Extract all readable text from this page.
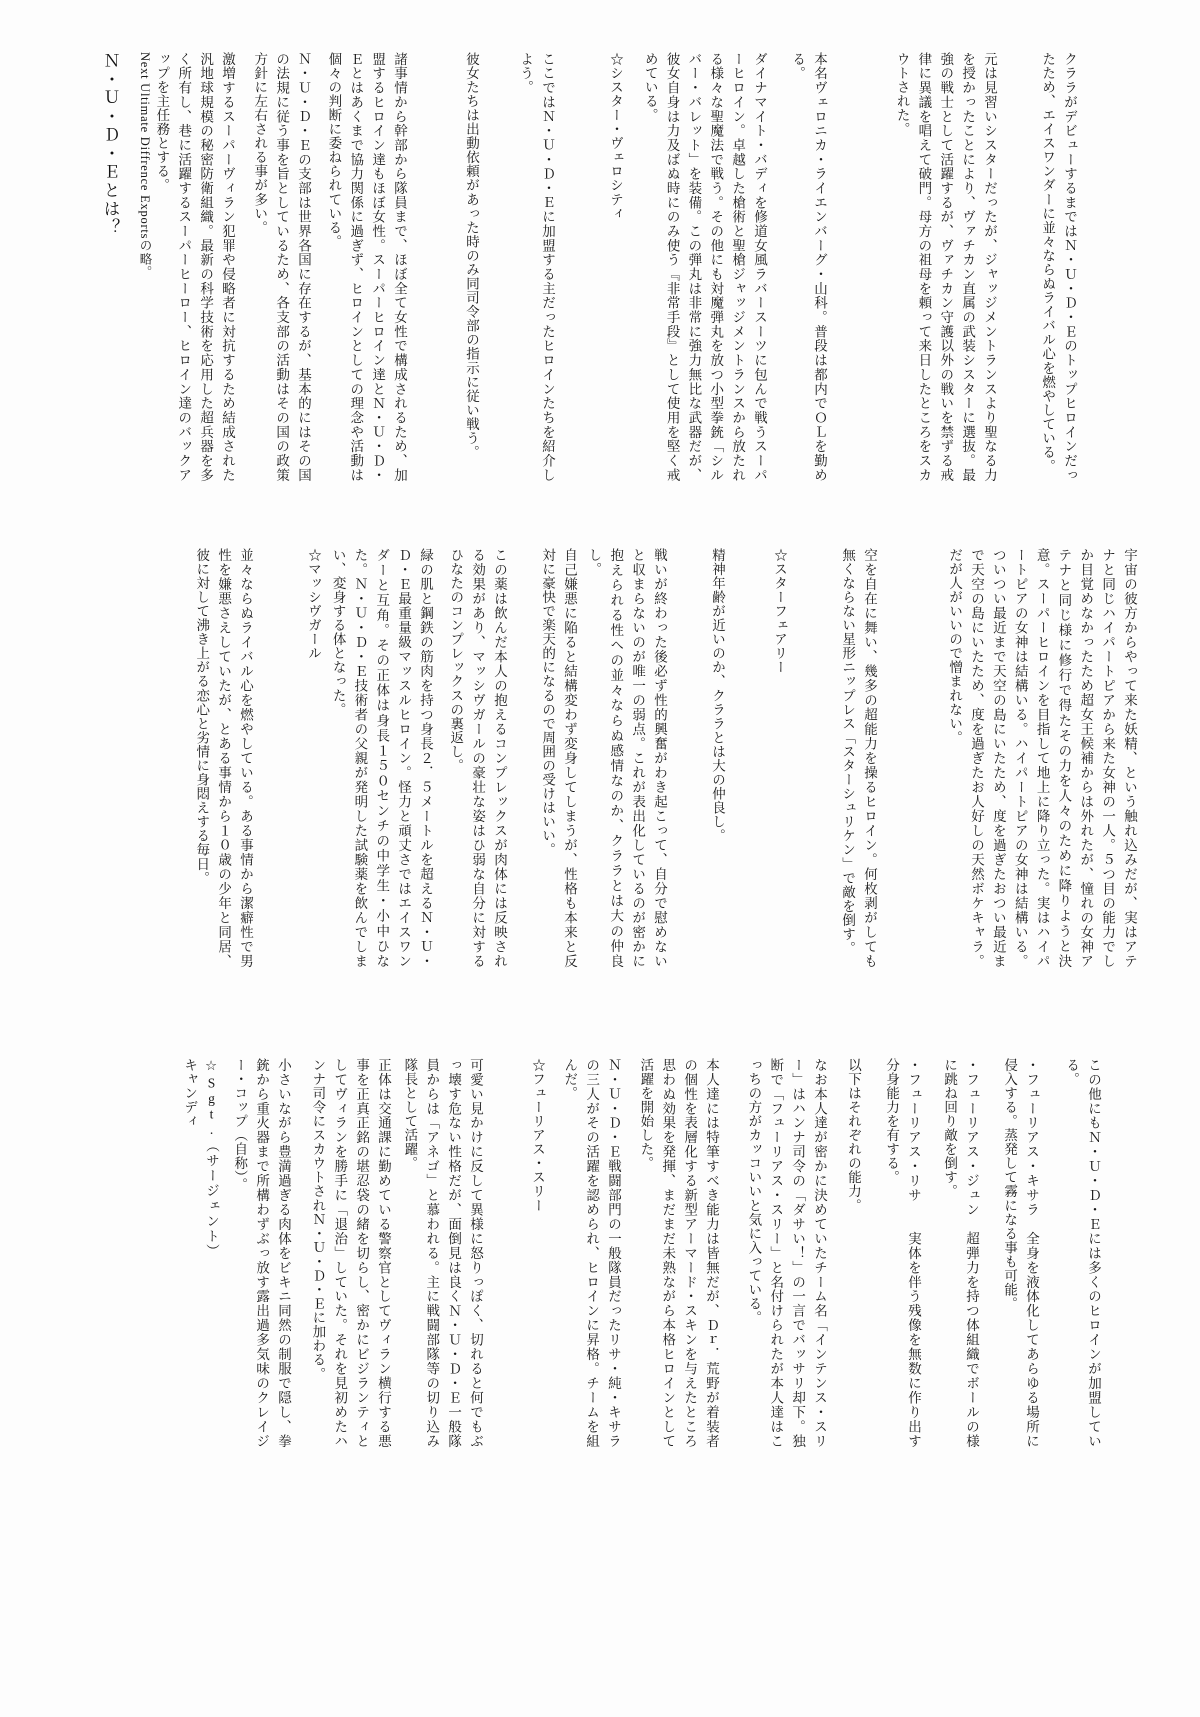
Ｎ・Ｕ・Ｄ・Ｅとは？ Next Ultimate Diffrence Exportsの略。	激増するスーパーヴィラン犯罪や侵略者に対抗するため結成された汎地球規模の秘密防衛組織。最新の科学技術を応用した超兵器を多く所有し、巷に活躍するスーパーヒーロー、ヒロイン達のバックアップを主任務とする。	Ｎ・Ｕ・Ｄ・Ｅの支部は世界各国に存在するが、基本的にはその国の法規に従う事を旨としているため、各支部の活動はその国の政策方針に左右される事が多い。	諸事情から幹部から隊員まで、ほぼ全て女性で構成されるため、加盟するヒロイン達もほぼ女性。スーパーヒロイン達とＮ・Ｕ・Ｄ・Ｅとはあくまで協力関係に過ぎず、ヒロインとしての理念や活動は個々の判断に委ねられている。	彼女たちは出動依頼があった時のみ同司令部の指示に従い戦う。	ここではＮ・Ｕ・Ｄ・Ｅに加盟する主だったヒロインたちを紹介しよう。	☆シスター・ヴェロシティ	ダイナマイト・バディを修道女風ラバースーツに包んで戦うスーパーヒロイン。卓越した槍術と聖槍ジャッジメントランスから放たれる様々な聖魔法で戦う。その他にも対魔弾丸を放つ小型拳銃「シルバー・バレット」を装備。この弾丸は非常に強力無比な武器だが、彼女自身は力及ばぬ時にのみ使う『非常手段』として使用を堅く戒めている。	本名ヴェロニカ・ライエンバーグ・山科。普段は都内でＯＬを勤める。	元は見習いシスターだったが、ジャッジメントランスより聖なる力を授かったことにより、ヴァチカン直属の武装シスターに選抜。最強の戦士として活躍するが、ヴァチカン守護以外の戦いを禁ずる戒律に異議を唱えて破門。母方の祖母を頼って来日したところをスカウトされた。	クララがデビューするまではＮ・Ｕ・Ｄ・Ｅのトップヒロインだったため、エイスワンダーに並々ならぬライバル心を燃やしている。
並々ならぬライバル心を燃やしている。ある事情から潔癖性で男性を嫌悪さえしていたが、とある事情から１０歳の少年と同居、彼に対して沸き上がる恋心と劣情に身悶えする毎日。	☆マッシヴガール	緑の肌と鋼鉄の筋肉を持つ身長２．５メートルを超えるＮ・Ｕ・Ｄ・Ｅ最重量級マッスルヒロイン。怪力と頑丈さではエイスワンダーと互角。その正体は身長１５０センチの中学生・小中ひなた。Ｎ・Ｕ・Ｄ・Ｅ技術者の父親が発明した試験薬を飲んでしまい、変身する体となった。	この薬は飲んだ本人の抱えるコンプレックスが肉体には反映される効果があり、マッシヴガールの豪壮な姿はひ弱な自分に対するひなたのコンプレックスの裏返し。	自己嫌悪に陥ると結構変わず変身してしまうが、性格も本来と反対に豪快で楽天的になるので周囲の受けはいい。	戦いが終わった後必ず性的興奮がわき起こって、自分で慰めないと収まらないのが唯一の弱点。これが表出化しているのが密かに抱えられる性への並々ならぬ感情なのか、クララとは大の仲良し。	精神年齢が近いのか、クララとは大の仲良し。	☆スターフェアリー	空を自在に舞い、幾多の超能力を操るヒロイン。何枚剥がしても無くならない星形ニップレス「スターシュリケン」で敵を倒す。	宇宙の彼方からやって来た妖精、という触れ込みだが、実はアテナと同じハイパートピアから来た女神の一人。５つ目の能力でしか目覚めなかったため超女王候補からは外れたが、憧れの女神アテナと同じ様に修行で得たその力を人々のために降りようと決意。スーパーヒロインを目指して地上に降り立った。実はハイパートピアの女神は結構いる。ハイパートピアの女神は結構いる。ついつい最近まで天空の島にいたため、度を過ぎたおつい最近まで天空の島にいたため、度を過ぎたお人好しの天然ボケキャラ。だが人がいいので憎まれない。
☆Sgt.（サージェント）キャンディ	小さいながら豊満過ぎる肉体をビキニ同然の制服で隠し、拳銃から重火器まで所構わずぶっ放す露出過多気味のクレイジー・コップ（自称）。	正体は交通課に勤めている警察官としてヴィラン横行する悪事を正真正銘の堪忍袋の緒を切らし、密かにビジランティとしてヴィランを勝手に「退治」していた。それを見初めたハンナ司令にスカウトされＮ・Ｕ・Ｄ・Ｅに加わる。	可愛い見かけに反して異様に怒りっぽく、切れると何でもぶっ壊す危ない性格だが、面倒見は良くＮ・Ｕ・Ｄ・Ｅ一般隊員からは「アネゴ」と慕われる。主に戦闘部隊等の切り込み隊長として活躍。	☆フューリアス・スリー	Ｎ・Ｕ・Ｄ・Ｅ戦闘部門の一般隊員だったリサ・純・キサラの三人がその活躍を認められ、ヒロインに昇格。チームを組んだ。	本人達には特筆すべき能力は皆無だが、Ｄｒ．荒野が着装者の個性を表層化する新型アーマード・スキンを与えたところ思わぬ効果を発揮、まだまだ未熟ながら本格ヒロインとして活躍を開始した。	なお本人達が密かに決めていたチーム名「インテンス・スリー」はハンナ司令の「ダサい！」の一言でバッサリ却下。独断で「フューリアス・スリー」と名付けられたが本人達はこっちの方がカッコいいと気に入っている。	以下はそれぞれの能力。	・フューリアス・リサ　　実体を伴う残像を無数に作り出す分身能力を有する。	・フューリアス・ジュン　超弾力を持つ体組織でボールの様に跳ね回り敵を倒す。	・フューリアス・キサラ　全身を液体化してあらゆる場所に侵入する。蒸発して霧になる事も可能。	この他にもＮ・Ｕ・Ｄ・Ｅには多くのヒロインが加盟している。
